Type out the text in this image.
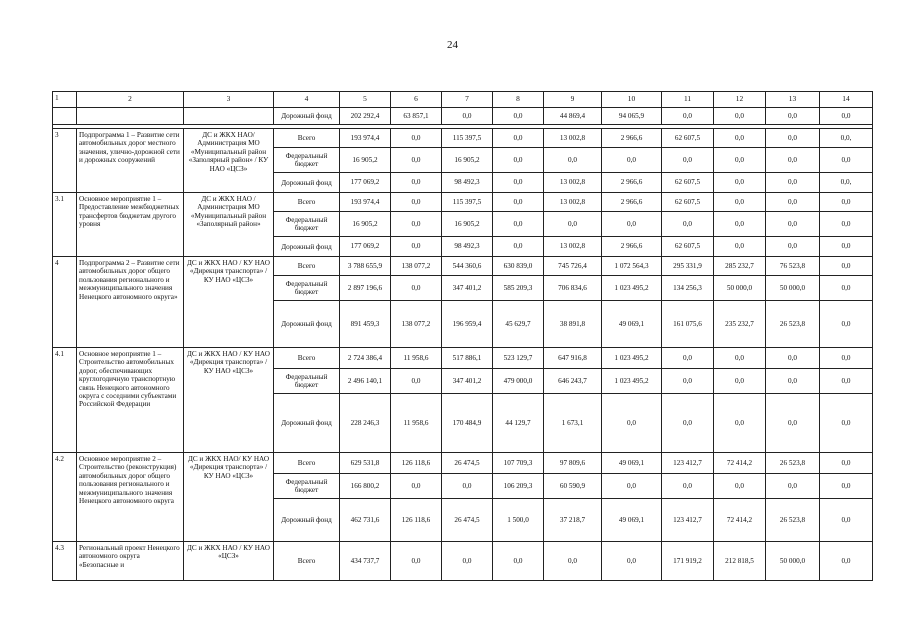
24
1	2	3	4	5	6	7	8	9	10	11	12	13	14
			Дорожный фонд	202 292,4	63 857,1	0,0	0,0	44 869,4	94 065,9	0,0	0,0	0,0	0,0

3	Подпрограмма 1 – Развитие сети автомобильных дорог местного значения, улично-дорожной сети и дорожных сооружений	ДС и ЖКХ НАО/ Администрация МО «Муниципальный район «Заполярный район» / КУ НАО «ЦСЗ»	Всего	193 974,4	0,0	115 397,5	0,0	13 002,8	2 966,6	62 607,5	0,0	0,0	0,0,
			Федеральный бюджет	16 905,2	0,0	16 905,2	0,0	0,0	0,0	0,0	0,0	0,0	0,0
			Дорожный фонд	177 069,2	0,0	98 492,3	0,0	13 002,8	2 966,6	62 607,5	0,0	0,0	0,0,
3.1	Основное мероприятие 1 – Предоставление межбюджетных трансфертов бюджетам другого уровня	ДС и ЖКХ НАО / Администрация МО «Муниципальный район «Заполярный район»	Всего	193 974,4	0,0	115 397,5	0,0	13 002,8	2 966,6	62 607,5	0,0	0,0	0,0
			Федеральный бюджет	16 905,2	0,0	16 905,2	0,0	0,0	0,0	0,0	0,0	0,0	0,0
			Дорожный фонд	177 069,2	0,0	98 492,3	0,0	13 002,8	2 966,6	62 607,5	0,0	0,0	0,0
4	Подпрограмма 2 – Развитие сети автомобильных дорог общего пользования регионального и межмуниципального значения Ненецкого автономного округа»	ДС и ЖКХ НАО / КУ НАО «Дирекция транспорта» / КУ НАО «ЦСЗ»	Всего	3 788 655,9	138 077,2	544 360,6	630 839,0	745 726,4	1 072 564,3	295 331,9	285 232,7	76 523,8	0,0
			Федеральный бюджет	2 897 196,6	0,0	347 401,2	585 209,3	706 834,6	1 023 495,2	134 256,3	50 000,0	50 000,0	0,0
			Дорожный фонд	891 459,3	138 077,2	196 959,4	45 629,7	38 891,8	49 069,1	161 075,6	235 232,7	26 523,8	0,0
4.1	Основное мероприятие 1 – Строительство автомобильных дорог, обеспечивающих круглогодичную транспортную связь Ненецкого автономного округа с соседними субъектами Российской Федерации	ДС и ЖКХ НАО / КУ НАО «Дирекция транспорта» / КУ НАО «ЦСЗ»	Всего	2 724 386,4	11 958,6	517 886,1	523 129,7	647 916,8	1 023 495,2	0,0	0,0	0,0	0,0
			Федеральный бюджет	2 496 140,1	0,0	347 401,2	479 000,0	646 243,7	1 023 495,2	0,0	0,0	0,0	0,0
			Дорожный фонд	228 246,3	11 958,6	170 484,9	44 129,7	1 673,1	0,0	0,0	0,0	0,0	0,0
4.2	Основное мероприятие 2 – Строительство (реконструкция) автомобильных дорог общего пользования регионального и межмуниципального значения Ненецкого автономного округа	ДС и ЖКХ НАО/ КУ НАО «Дирекция транспорта» / КУ НАО «ЦСЗ»	Всего	629 531,8	126 118,6	26 474,5	107 709,3	97 809,6	49 069,1	123 412,7	72 414,2	26 523,8	0,0
			Федеральный бюджет	166 800,2	0,0	0,0	106 209,3	60 590,9	0,0	0,0	0,0	0,0	0,0
			Дорожный фонд	462 731,6	126 118,6	26 474,5	1 500,0	37 218,7	49 069,1	123 412,7	72 414,2	26 523,8	0,0
4.3	Региональный проект Ненецкого автономного округа «Безопасные и	ДС и ЖКХ НАО / КУ НАО «ЦСЗ»	Всего	434 737,7	0,0	0,0	0,0	0,0	0,0	171 919,2	212 818,5	50 000,0	0,0
